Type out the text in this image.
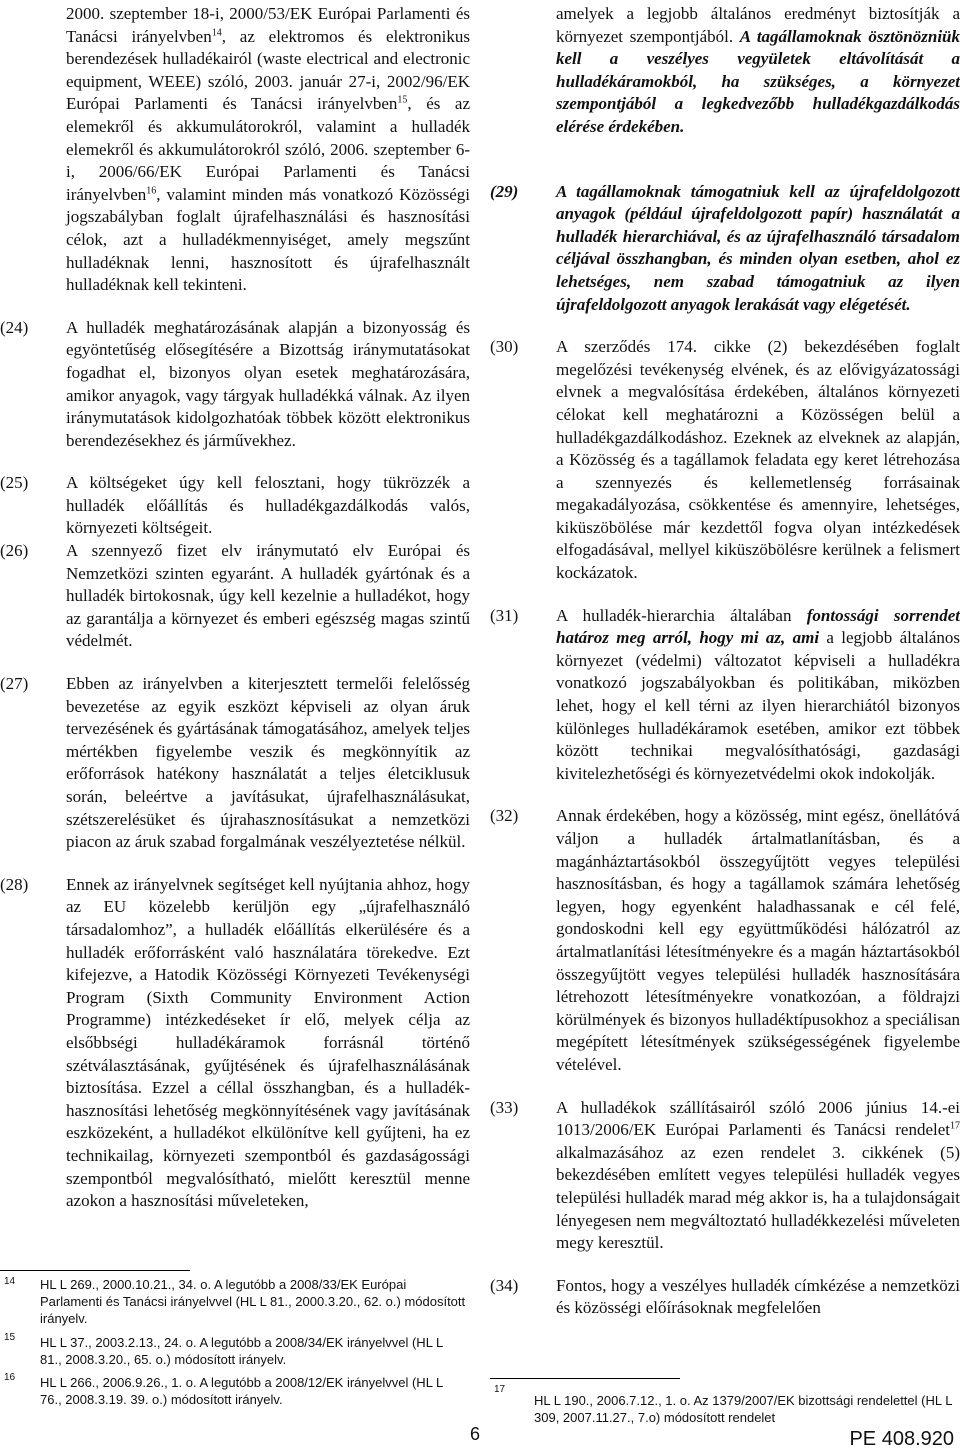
2000. szeptember 18-i, 2000/53/EK Európai Parlamenti és Tanácsi irányelvben$^{14}$, az elektromos és elektronikus berendezések hulladékairól (waste electrical and electronic equipment, WEEE) szóló, 2003. január 27-i, 2002/96/EK Európai Parlamenti és Tanácsi irányelvben$^{15}$, és az elemekről és akkumulátorokról, valamint a hulladék elemekről és akkumulátorokról szóló, 2006. szeptember 6-i, 2006/66/EK Európai Parlamenti és Tanácsi irányelvben$^{16}$, valamint minden más vonatkozó Közösségi jogszabályban foglalt újrafelhasználási és hasznosítási célok, azt a hulladékmennyiséget, amely megszűnt hulladéknak lenni, hasznosított és újrafelhasznált hulladéknak kell tekinteni.

(24) A hulladék meghatározásának alapján a bizonyosság és egyöntetűség elősegítésére a Bizottság iránymutatásokat fogadhat el, bizonyos olyan esetek meghatározására, amikor anyagok, vagy tárgyak hulladékká válnak. Az ilyen iránymutatások kidolgozhatóak többek között elektronikus berendezésekhez és járművekhez.

(25) A költségeket úgy kell felosztani, hogy tükrözzék a hulladék előállítás és hulladékgazdálkodás valós, környezeti költségeit.

(26) A szennyező fizet elv iránymutató elv Európai és Nemzetközi szinten egyaránt. A hulladék gyártónak és a hulladék birtokosnak, úgy kell kezelnie a hulladékot, hogy az garantálja a környezet és emberi egészség magas szintű védelmét.

(27) Ebben az irányelvben a kiterjesztett termelői felelősség bevezetése az egyik eszközt képviseli az olyan áruk tervezésének és gyártásának támogatásához, amelyek teljes mértékben figyelembe veszik és megkönnyítik az erőforrások hatékony használatát a teljes életciklusuk során, beleértve a javításukat, újrafelhasználásukat, szétszerelésüket és újrahasznosításukat a nemzetközi piacon az áruk szabad forgalmának veszélyeztetése nélkül.

(28) Ennek az irányelvnek segítséget kell nyújtania ahhoz, hogy az EU közelebb kerüljön egy „újrafelhasználó társadalomhoz”, a hulladék előállítás elkerülésére és a hulladék erőforrásként való használatára törekedve. Ezt kifejezve, a Hatodik Közösségi Környezeti Tevékenységi Program (Sixth Community Environment Action Programme) intézkedéseket ír elő, melyek célja az elsőbbségi hulladékáramok forrásnál történő szétválasztásának, gyűjtésének és újrafelhasználásának biztosítása. Ezzel a céllal összhangban, és a hulladék-hasznosítási lehetőség megkönnyítésének vagy javításának eszközeként, a hulladékot elkülönítve kell gyűjteni, ha ez technikailag, környezeti szempontból és gazdaságossági szempontból megvalósítható, mielőtt keresztül menne azokon a hasznosítási műveleteken,

14 HL L 269., 2000.10.21., 34. o. A legutóbb a 2008/33/EK Európai Parlamenti és Tanácsi irányelvvel (HL L 81., 2000.3.20., 62. o.) módosított irányelv.
15 HL L 37., 2003.2.13., 24. o. A legutóbb a 2008/34/EK irányelvvel (HL L 81., 2008.3.20., 65. o.) módosított irányelv.
16 HL L 266., 2006.9.26., 1. o. A legutóbb a 2008/12/EK irányelvvel (HL L 76., 2008.3.19. 39. o.) módosított irányelv.

amelyek a legjobb általános eredményt biztosítják a környezet szempontjából. A tagállamoknak ösztönözniük kell a veszélyes vegyületek eltávolítását a hulladékáramokból, ha szükséges, a környezet szempontjából a legkedvezőbb hulladékgazdálkodás elérése érdekében.

(29) A tagállamoknak támogatniuk kell az újrafeldolgozott anyagok (például újrafeldolgozott papír) használatát a hulladék hierarchiával, és az újrafelhasználó társadalom céljával összhangban, és minden olyan esetben, ahol ez lehetséges, nem szabad támogatniuk az ilyen újrafeldolgozott anyagok lerakását vagy elégetését.

(30) A szerződés 174. cikke (2) bekezdésében foglalt megelőzési tevékenység elvének, és az elővigyázatossági elvnek a megvalósítása érdekében, általános környezeti célokat kell meghatározni a Közösségen belül a hulladékgazdálkodáshoz. Ezeknek az elveknek az alapján, a Közösség és a tagállamok feladata egy keret létrehozása a szennyezés és kellemetlenség forrásainak megakadályozása, csökkentése és amennyire, lehetséges, kiküszöbölése már kezdettől fogva olyan intézkedések elfogadásával, mellyel kiküszöbölésre kerülnek a felismert kockázatok.

(31) A hulladék-hierarchia általában fontossági sorrendet határoz meg arról, hogy mi az, ami a legjobb általános környezet (védelmi) változatot képviseli a hulladékra vonatkozó jogszabályokban és politikában, miközben lehet, hogy el kell térni az ilyen hierarchiától bizonyos különleges hulladékáramok esetében, amikor ezt többek között technikai megvalósíthatósági, gazdasági kivitelezhetőségi és környezetvédelmi okok indokolják.

(32) Annak érdekében, hogy a közösség, mint egész, önellátóvá váljon a hulladék ártalmatlanításban, és a magánháztartásokból összegyűjtött vegyes települési hasznosításban, és hogy a tagállamok számára lehetőség legyen, hogy egyenként haladhassanak e cél felé, gondoskodni kell egy együttműködési hálózatról az ártalmatlanítási létesítményekre és a magán háztartásokból összegyűjtött vegyes települési hulladék hasznosítására létrehozott létesítményekre vonatkozóan, a földrajzi körülmények és bizonyos hulladéktípusokhoz a speciálisan megépített létesítmények szükségességének figyelembe vételével.

(33) A hulladékok szállításairól szóló 2006 június 14.-ei 1013/2006/EK Európai Parlamenti és Tanácsi rendelet$^{17}$ alkalmazásához az ezen rendelet 3. cikkének (5) bekezdésében említett vegyes települési hulladék vegyes települési hulladék marad még akkor is, ha a tulajdonságait lényegesen nem megváltoztató hulladékkezelési műveleten megy keresztül.

(34) Fontos, hogy a veszélyes hulladék címkézése a nemzetközi és közösségi előírásoknak megfelelően

17
HL L 190., 2006.7.12., 1. o. Az 1379/2007/EK bizottsági rendelettel (HL L 309, 2007.11.27., 7.o) módosított rendelet
6	PE 408.920
